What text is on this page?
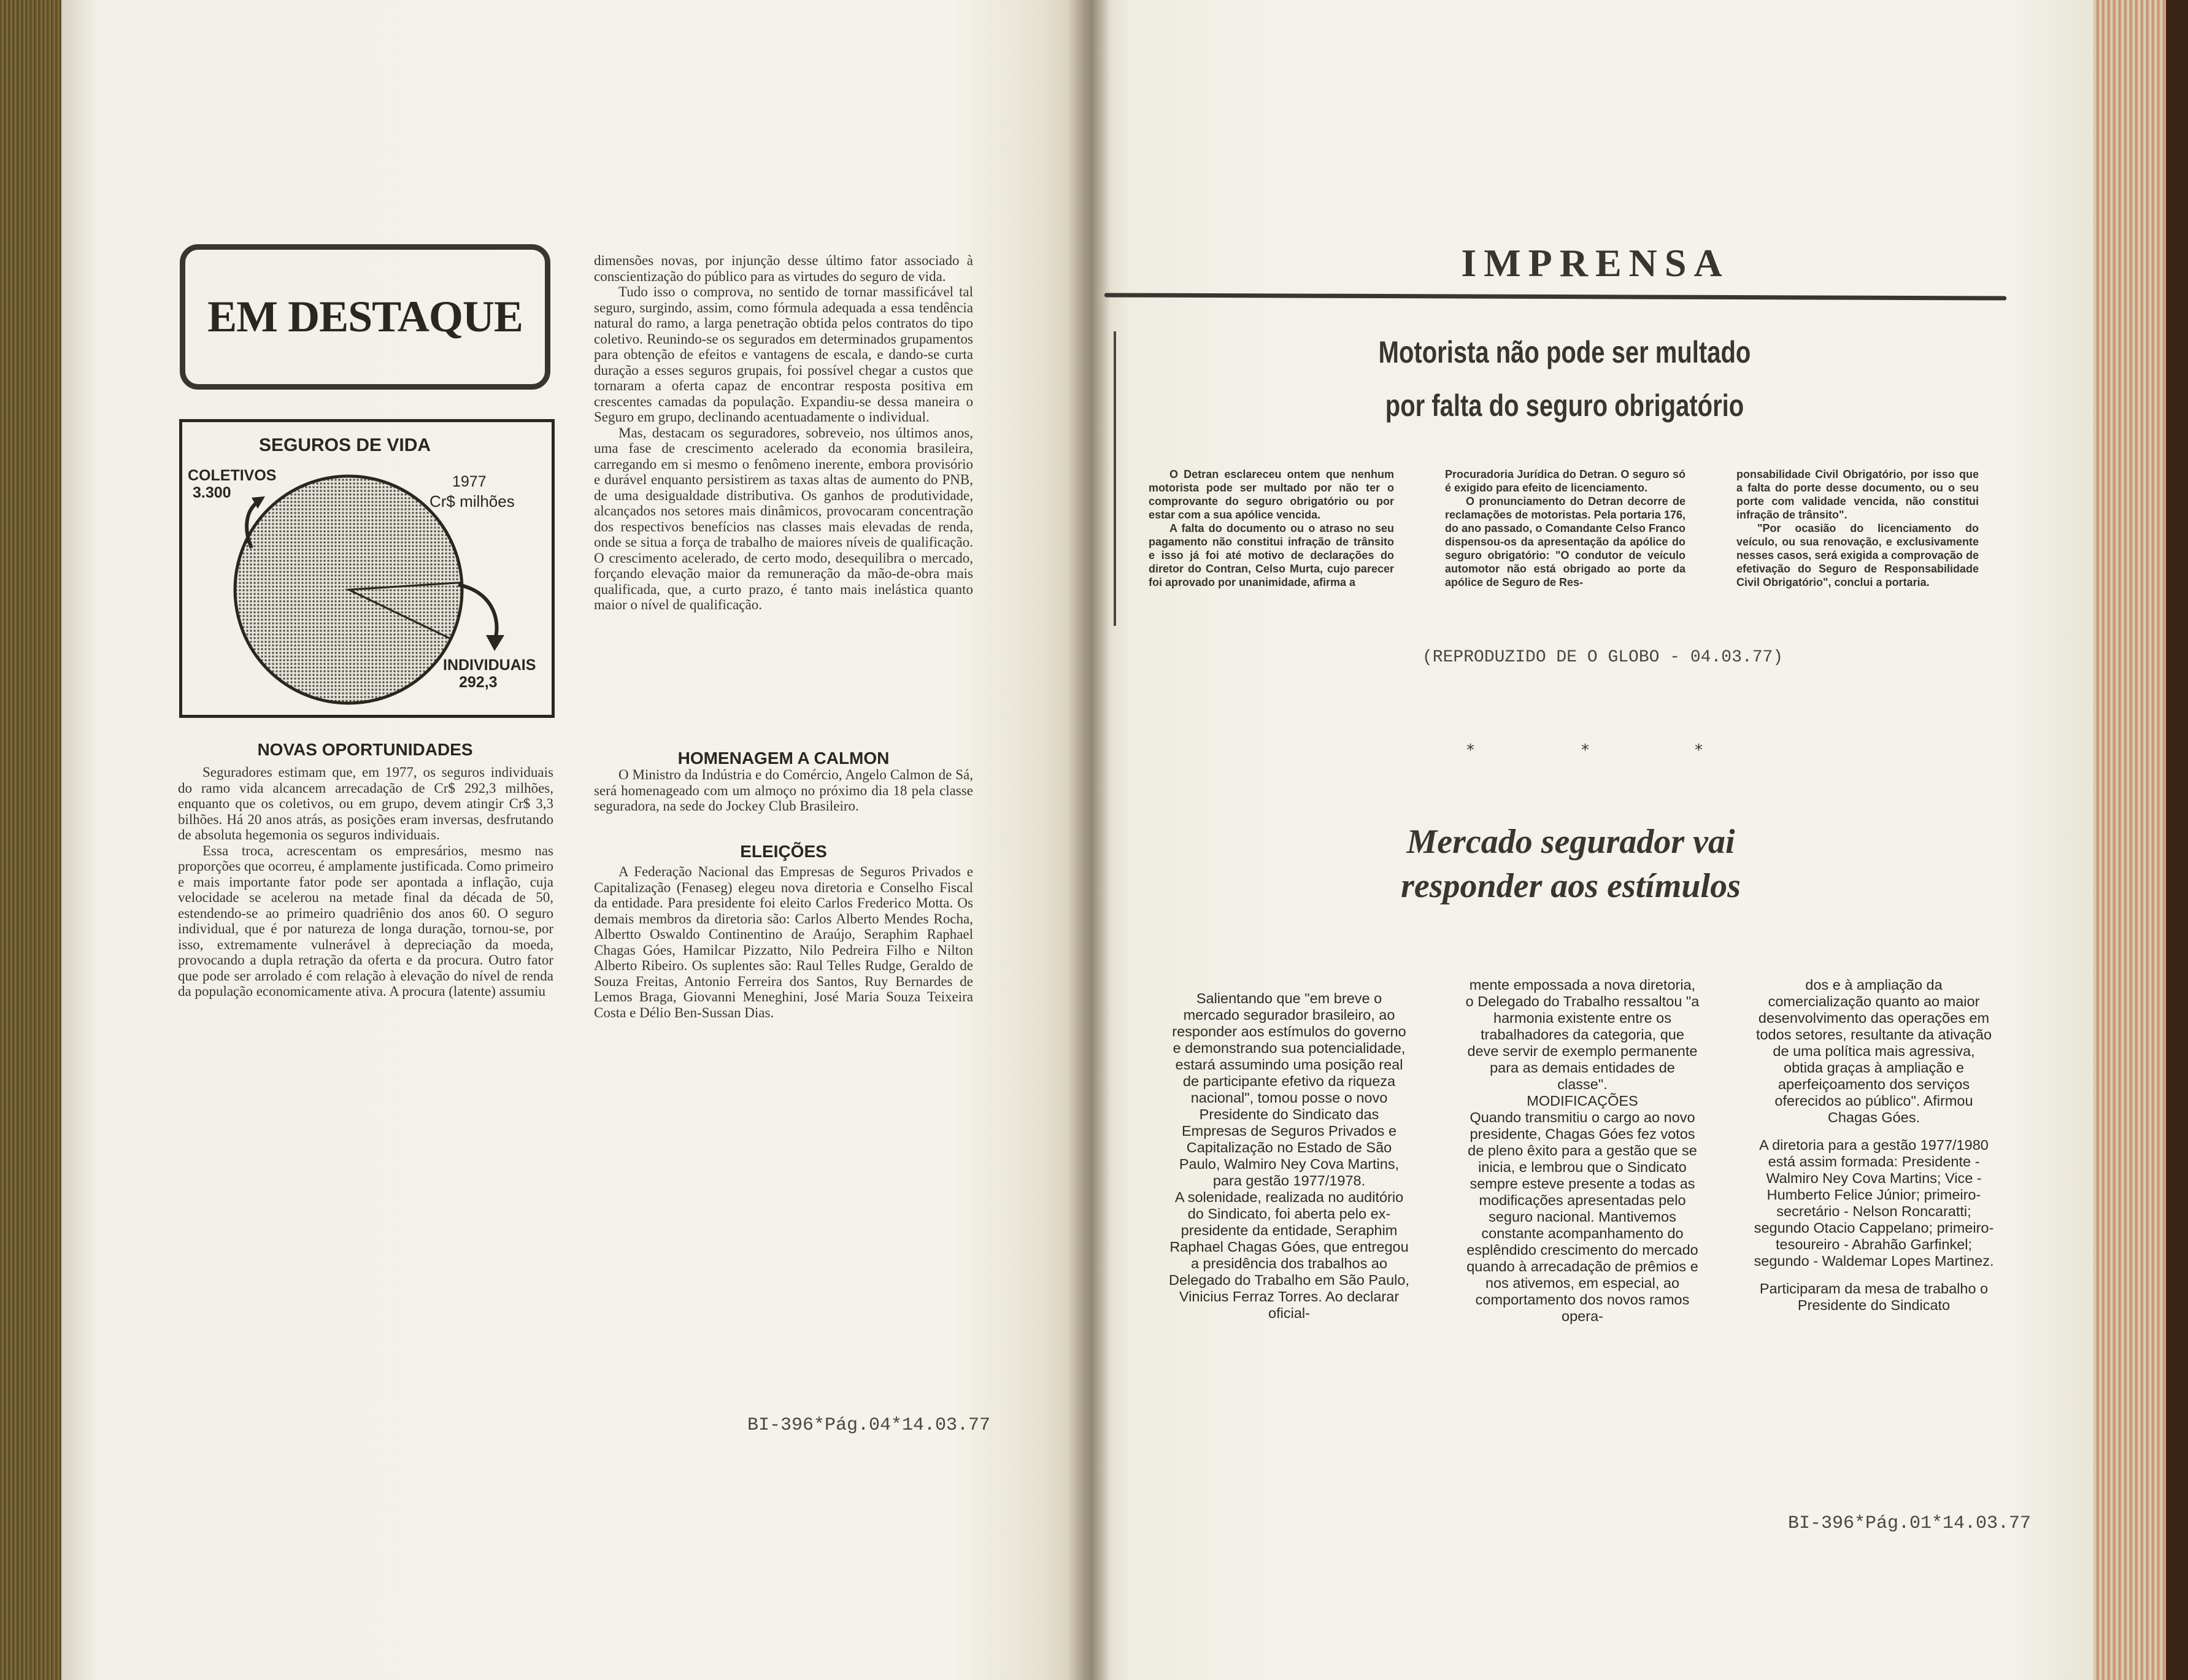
EM DESTAQUE
SEGUROS DE VIDA
COLETIVOS
3.300
1977
Cr$ milhões
INDIVIDUAIS
292,3
NOVAS OPORTUNIDADES

Seguradores estimam que, em 1977, os seguros individuais do ramo vida alcancem arrecadação de Cr$ 292,3 milhões, enquanto que os coletivos, ou em grupo, devem atingir Cr$ 3,3 bilhões. Há 20 anos atrás, as posições eram inversas, desfrutando de absoluta hegemonia os seguros individuais.

Essa troca, acrescentam os empresários, mesmo nas proporções que ocorreu, é amplamente justificada. Como primeiro e mais importante fator pode ser apontada a inflação, cuja velocidade se acelerou na metade final da década de 50, estendendo-se ao primeiro quadriênio dos anos 60. O seguro individual, que é por natureza de longa duração, tornou-se, por isso, extremamente vulnerável à depreciação da moeda, provocando a dupla retração da oferta e da procura. Outro fator que pode ser arrolado é com relação à elevação do nível de renda da população economicamente ativa. A procura (latente) assumiu

dimensões novas, por injunção desse último fator associado à conscientização do público para as virtudes do seguro de vida.

Tudo isso o comprova, no sentido de tornar massificável tal seguro, surgindo, assim, como fórmula adequada a essa tendência natural do ramo, a larga penetração obtida pelos contratos do tipo coletivo. Reunindo-se os segurados em determinados grupamentos para obtenção de efeitos e vantagens de escala, e dando-se curta duração a esses seguros grupais, foi possível chegar a custos que tornaram a oferta capaz de encontrar resposta positiva em crescentes camadas da população. Expandiu-se dessa maneira o Seguro em grupo, declinando acentuadamente o individual.

Mas, destacam os seguradores, sobreveio, nos últimos anos, uma fase de crescimento acelerado da economia brasileira, carregando em si mesmo o fenômeno inerente, embora provisório e durável enquanto persistirem as taxas altas de aumento do PNB, de uma desigualdade distributiva. Os ganhos de produtividade, alcançados nos setores mais dinâmicos, provocaram concentração dos respectivos benefícios nas classes mais elevadas de renda, onde se situa a força de trabalho de maiores níveis de qualificação. O crescimento acelerado, de certo modo, desequilibra o mercado, forçando elevação maior da remuneração da mão-de-obra mais qualificada, que, a curto prazo, é tanto mais inelástica quanto maior o nível de qualificação.

HOMENAGEM A CALMON

O Ministro da Indústria e do Comércio, Angelo Calmon de Sá, será homenageado com um almoço no próximo dia 18 pela classe seguradora, na sede do Jockey Club Brasileiro.

ELEIÇÕES

A Federação Nacional das Empresas de Seguros Privados e Capitalização (Fenaseg) elegeu nova diretoria e Conselho Fiscal da entidade. Para presidente foi eleito Carlos Frederico Motta. Os demais membros da diretoria são: Carlos Alberto Mendes Rocha, Albertto Oswaldo Continentino de Araújo, Seraphim Raphael Chagas Góes, Hamilcar Pizzatto, Nilo Pedreira Filho e Nilton Alberto Ribeiro. Os suplentes são: Raul Telles Rudge, Geraldo de Souza Freitas, Antonio Ferreira dos Santos, Ruy Bernardes de Lemos Braga, Giovanni Meneghini, José Maria Souza Teixeira Costa e Délio Ben-Sussan Dias.

BI-396*Pág.04*14.03.77
IMPRENSA
Motorista não pode ser multado
por falta do seguro obrigatório

O Detran esclareceu ontem que nenhum motorista pode ser multado por não ter o comprovante do seguro obrigatório ou por estar com a sua apólice vencida.

A falta do documento ou o atraso no seu pagamento não constitui infração de trânsito e isso já foi até motivo de declarações do diretor do Contran, Celso Murta, cujo parecer foi aprovado por unanimidade, afirma a

Procuradoria Jurídica do Detran. O seguro só é exigido para efeito de licenciamento.

O pronunciamento do Detran decorre de reclamações de motoristas. Pela portaria 176, do ano passado, o Comandante Celso Franco dispensou-os da apresentação da apólice do seguro obrigatório: "O condutor de veículo automotor não está obrigado ao porte da apólice de Seguro de Res-

ponsabilidade Civil Obrigatório, por isso que a falta do porte desse documento, ou o seu porte com validade vencida, não constitui infração de trânsito".

"Por ocasião do licenciamento do veículo, ou sua renovação, e exclusivamente nesses casos, será exigida a comprovação de efetivação do Seguro de Responsabilidade Civil Obrigatório", conclui a portaria.

(REPRODUZIDO DE O GLOBO - 04.03.77)
*	*	*
Mercado segurador vai
responder aos estímulos

Salientando que "em breve o mercado segurador brasileiro, ao responder aos estímulos do governo e demonstrando sua potencialidade, estará assumindo uma posição real de participante efetivo da riqueza nacional", tomou posse o novo Presidente do Sindicato das Empresas de Seguros Privados e Capitalização no Estado de São Paulo, Walmiro Ney Cova Martins, para gestão 1977/1978.

A solenidade, realizada no auditório do Sindicato, foi aberta pelo ex-presidente da entidade, Seraphim Raphael Chagas Góes, que entregou a presidência dos trabalhos ao Delegado do Trabalho em São Paulo, Vinicius Ferraz Torres. Ao declarar oficial-

mente empossada a nova diretoria, o Delegado do Trabalho ressaltou "a harmonia existente entre os trabalhadores da categoria, que deve servir de exemplo permanente para as demais entidades de classe".

MODIFICAÇÕES

Quando transmitiu o cargo ao novo presidente, Chagas Góes fez votos de pleno êxito para a gestão que se inicia, e lembrou que o Sindicato sempre esteve presente a todas as modificações apresentadas pelo seguro nacional. Mantivemos constante acompanhamento do esplêndido crescimento do mercado quando à arrecadação de prêmios e nos ativemos, em especial, ao comportamento dos novos ramos opera-

dos e à ampliação da comercialização quanto ao maior desenvolvimento das operações em todos setores, resultante da ativação de uma política mais agressiva, obtida graças à ampliação e aperfeiçoamento dos serviços oferecidos ao público". Afirmou Chagas Góes.

A diretoria para a gestão 1977/1980 está assim formada: Presidente - Walmiro Ney Cova Martins; Vice - Humberto Felice Júnior; primeiro-secretário - Nelson Roncaratti; segundo Otacio Cappelano; primeiro-tesoureiro - Abrahão Garfinkel; segundo - Waldemar Lopes Martinez.

Participaram da mesa de trabalho o Presidente do Sindicato

BI-396*Pág.01*14.03.77
